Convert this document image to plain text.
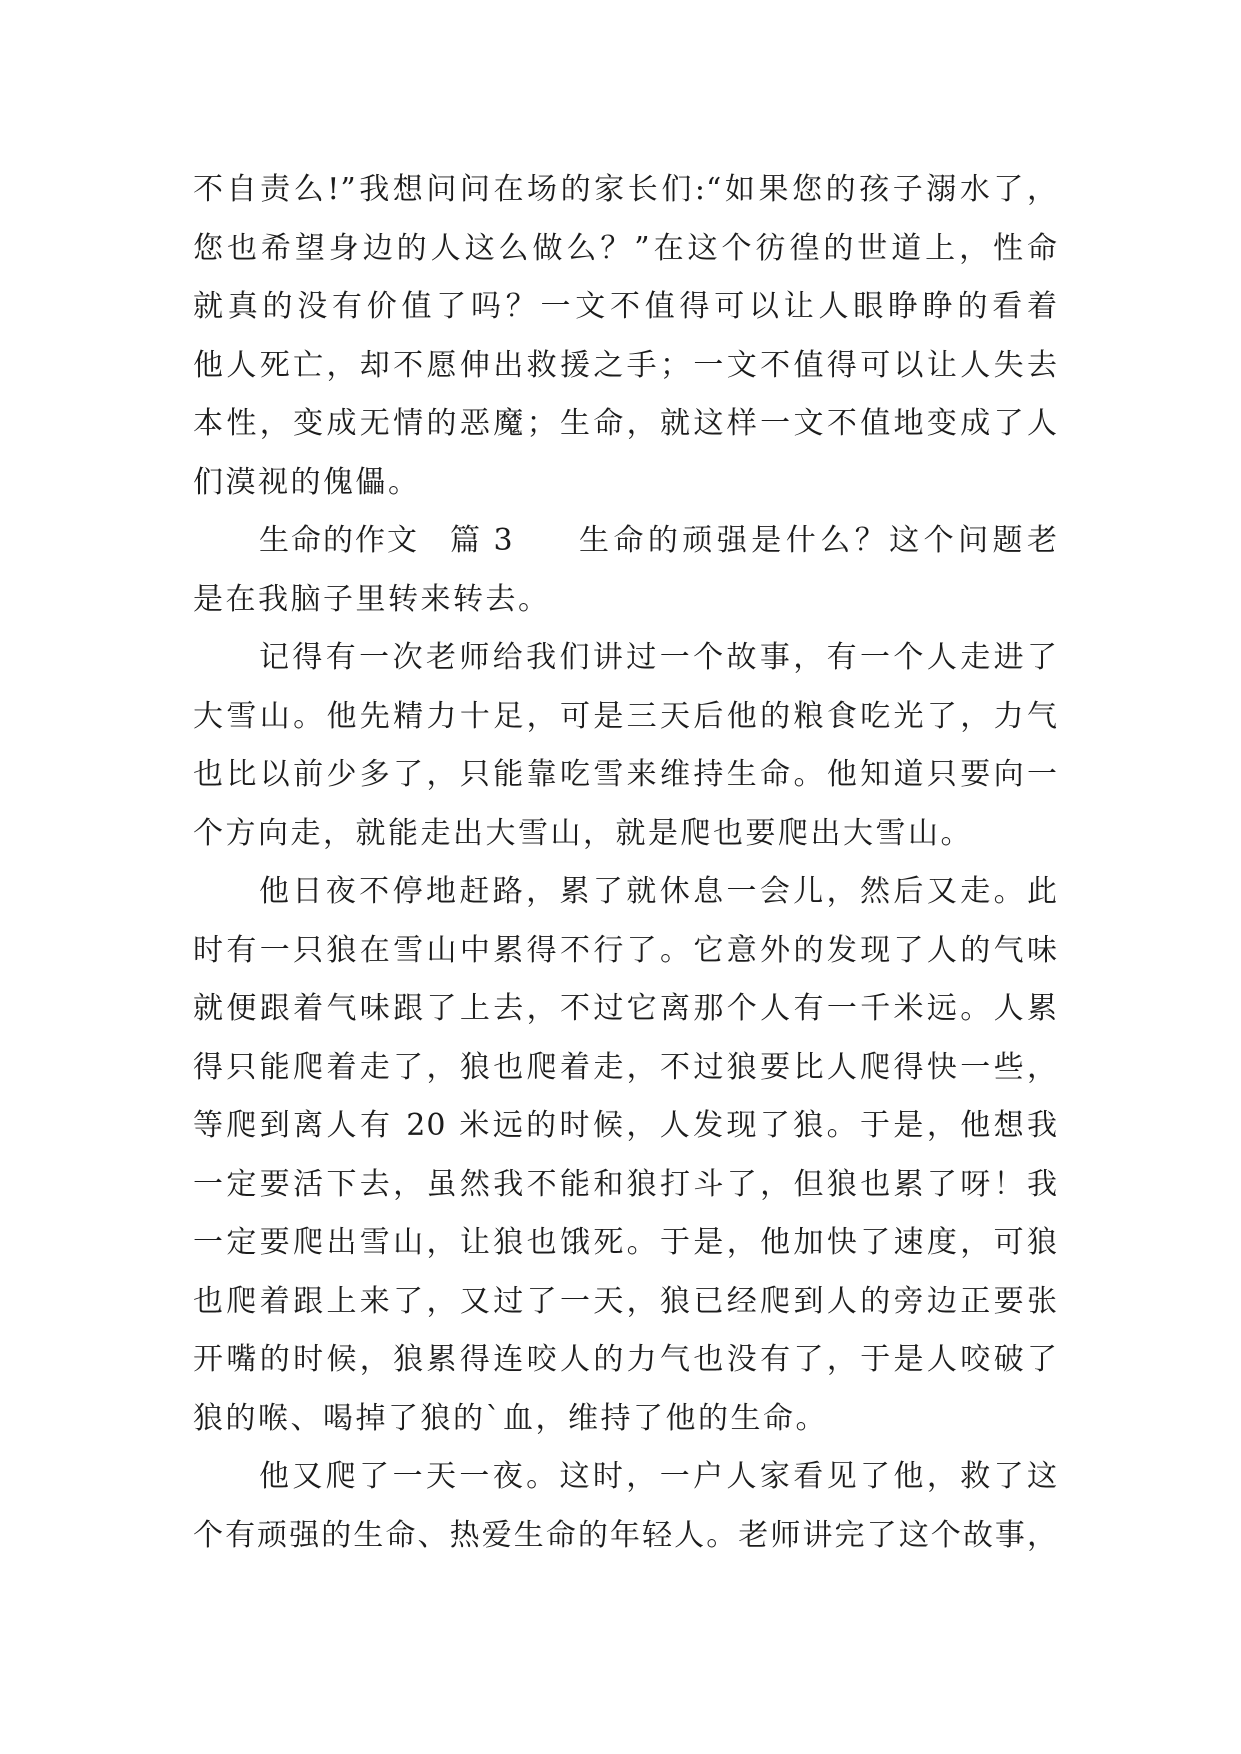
不自责么!”我想问问在场的家长们:“如果您的孩子溺水了，
您也希望身边的人这么做么？”在这个彷徨的世道上，性命
就真的没有价值了吗？一文不值得可以让人眼睁睁的看着
他人死亡，却不愿伸出救援之手；一文不值得可以让人失去
本性，变成无情的恶魔；生命，就这样一文不值地变成了人
们漠视的傀儡。
生命的作文 篇 3 生命的顽强是什么？这个问题老
是在我脑子里转来转去。
记得有一次老师给我们讲过一个故事，有一个人走进了
大雪山。他先精力十足，可是三天后他的粮食吃光了，力气
也比以前少多了，只能靠吃雪来维持生命。他知道只要向一
个方向走，就能走出大雪山，就是爬也要爬出大雪山。
他日夜不停地赶路，累了就休息一会儿，然后又走。此
时有一只狼在雪山中累得不行了。它意外的发现了人的气味
就便跟着气味跟了上去，不过它离那个人有一千米远。人累
得只能爬着走了，狼也爬着走，不过狼要比人爬得快一些，
等爬到离人有 20 米远的时候，人发现了狼。于是，他想我
一定要活下去，虽然我不能和狼打斗了，但狼也累了呀！我
一定要爬出雪山，让狼也饿死。于是，他加快了速度，可狼
也爬着跟上来了，又过了一天，狼已经爬到人的旁边正要张
开嘴的时候，狼累得连咬人的力气也没有了，于是人咬破了
狼的喉、喝掉了狼的`血，维持了他的生命。
他又爬了一天一夜。这时，一户人家看见了他，救了这
个有顽强的生命、热爱生命的年轻人。老师讲完了这个故事，
